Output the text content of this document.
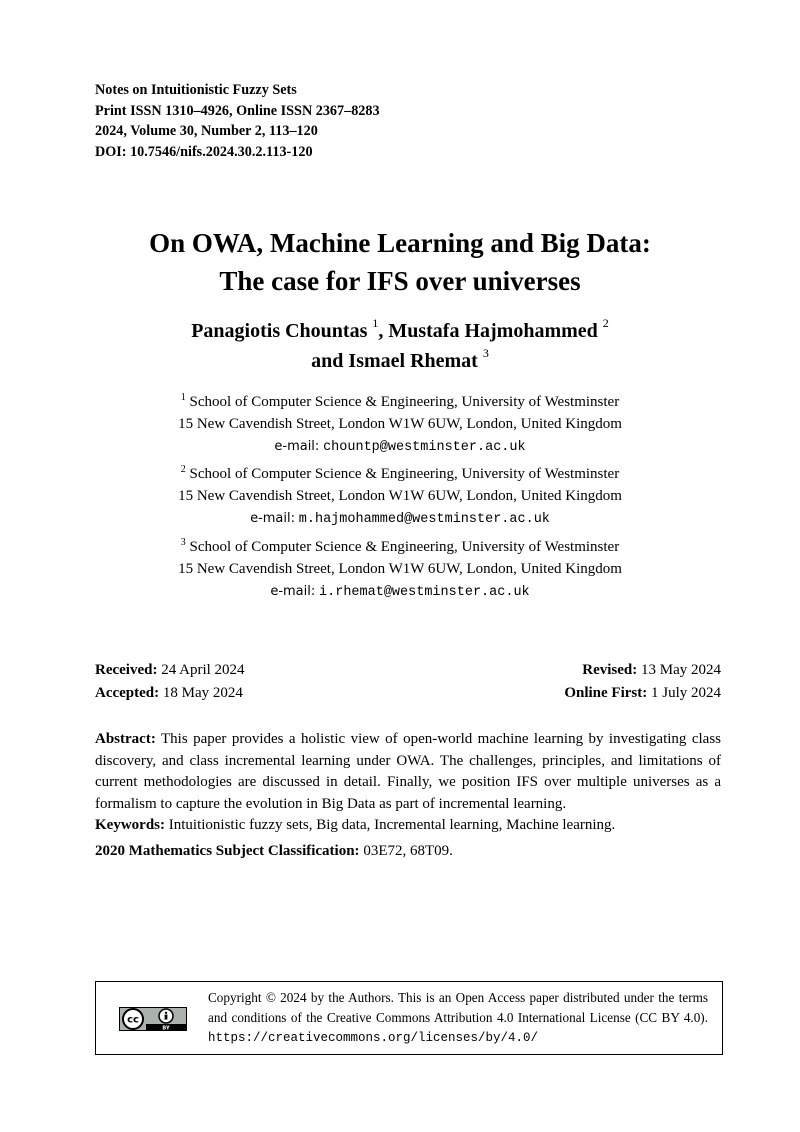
Notes on Intuitionistic Fuzzy Sets
Print ISSN 1310–4926, Online ISSN 2367–8283
2024, Volume 30, Number 2, 113–120
DOI: 10.7546/nifs.2024.30.2.113-120
On OWA, Machine Learning and Big Data:
The case for IFS over universes
Panagiotis Chountas $^1$, Mustafa Hajmohammed $^2$
and Ismael Rhemat $^3$
$^1$ School of Computer Science & Engineering, University of Westminster
15 New Cavendish Street, London W1W 6UW, London, United Kingdom
e-mail: chountp@westminster.ac.uk
$^2$ School of Computer Science & Engineering, University of Westminster
15 New Cavendish Street, London W1W 6UW, London, United Kingdom
e-mail: m.hajmohammed@westminster.ac.uk
$^3$ School of Computer Science & Engineering, University of Westminster
15 New Cavendish Street, London W1W 6UW, London, United Kingdom
e-mail: i.rhemat@westminster.ac.uk
Received: 24 April 2024
Accepted: 18 May 2024
Revised: 13 May 2024
Online First: 1 July 2024

Abstract: This paper provides a holistic view of open-world machine learning by investigating class discovery, and class incremental learning under OWA. The challenges, principles, and limitations of current methodologies are discussed in detail. Finally, we position IFS over multiple universes as a formalism to capture the evolution in Big Data as part of incremental learning.

Keywords: Intuitionistic fuzzy sets, Big data, Incremental learning, Machine learning.

2020 Mathematics Subject Classification: 03E72, 68T09.

cc
BY
Copyright © 2024 by the Authors. This is an Open Access paper distributed under the terms and conditions of the Creative Commons Attribution 4.0 International License (CC BY 4.0). https://creativecommons.org/licenses/by/4.0/
